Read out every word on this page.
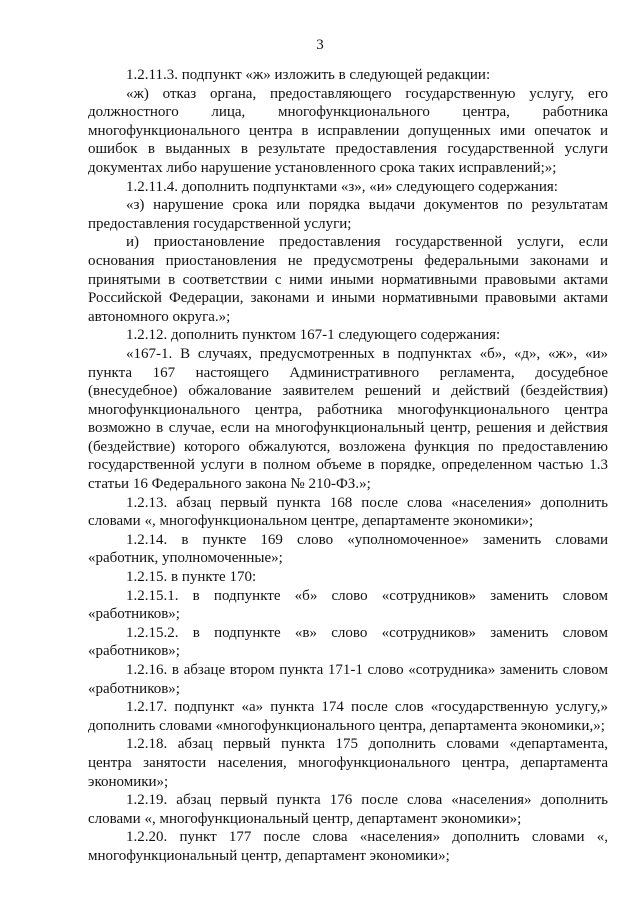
3

1.2.11.3. подпункт «ж» изложить в следующей редакции:

«ж) отказ органа, предоставляющего государственную услугу, его должностного лица, многофункционального центра, работника многофункционального центра в исправлении допущенных ими опечаток и ошибок в выданных в результате предоставления государственной услуги документах либо нарушение установленного срока таких исправлений;»;

1.2.11.4. дополнить подпунктами «з», «и» следующего содержания:

«з) нарушение срока или порядка выдачи документов по результатам предоставления государственной услуги;

и) приостановление предоставления государственной услуги, если основания приостановления не предусмотрены федеральными законами и принятыми в соответствии с ними иными нормативными правовыми актами Российской Федерации, законами и иными нормативными правовыми актами автономного округа.»;

1.2.12. дополнить пунктом 167-1 следующего содержания:

«167-1. В случаях, предусмотренных в подпунктах «б», «д», «ж», «и» пункта 167 настоящего Административного регламента, досудебное (внесудебное) обжалование заявителем решений и действий (бездействия) многофункционального центра, работника многофункционального центра возможно в случае, если на многофункциональный центр, решения и действия (бездействие) которого обжалуются, возложена функция по предоставлению государственной услуги в полном объеме в порядке, определенном частью 1.3 статьи 16 Федерального закона № 210-ФЗ.»;

1.2.13. абзац первый пункта 168 после слова «населения» дополнить словами «, многофункциональном центре, департаменте экономики»;

1.2.14. в пункте 169 слово «уполномоченное» заменить словами «работник, уполномоченные»;

1.2.15. в пункте 170:

1.2.15.1. в подпункте «б» слово «сотрудников» заменить словом «работников»;

1.2.15.2. в подпункте «в» слово «сотрудников» заменить словом «работников»;

1.2.16. в абзаце втором пункта 171-1 слово «сотрудника» заменить словом «работников»;

1.2.17. подпункт «а» пункта 174 после слов «государственную услугу,» дополнить словами «многофункционального центра, департамента экономики,»;

1.2.18. абзац первый пункта 175 дополнить словами «департамента, центра занятости населения, многофункционального центра, департамента экономики»;

1.2.19. абзац первый пункта 176 после слова «населения» дополнить словами «, многофункциональный центр, департамент экономики»;

1.2.20. пункт 177 после слова «населения» дополнить словами «, многофункциональный центр, департамент экономики»;
